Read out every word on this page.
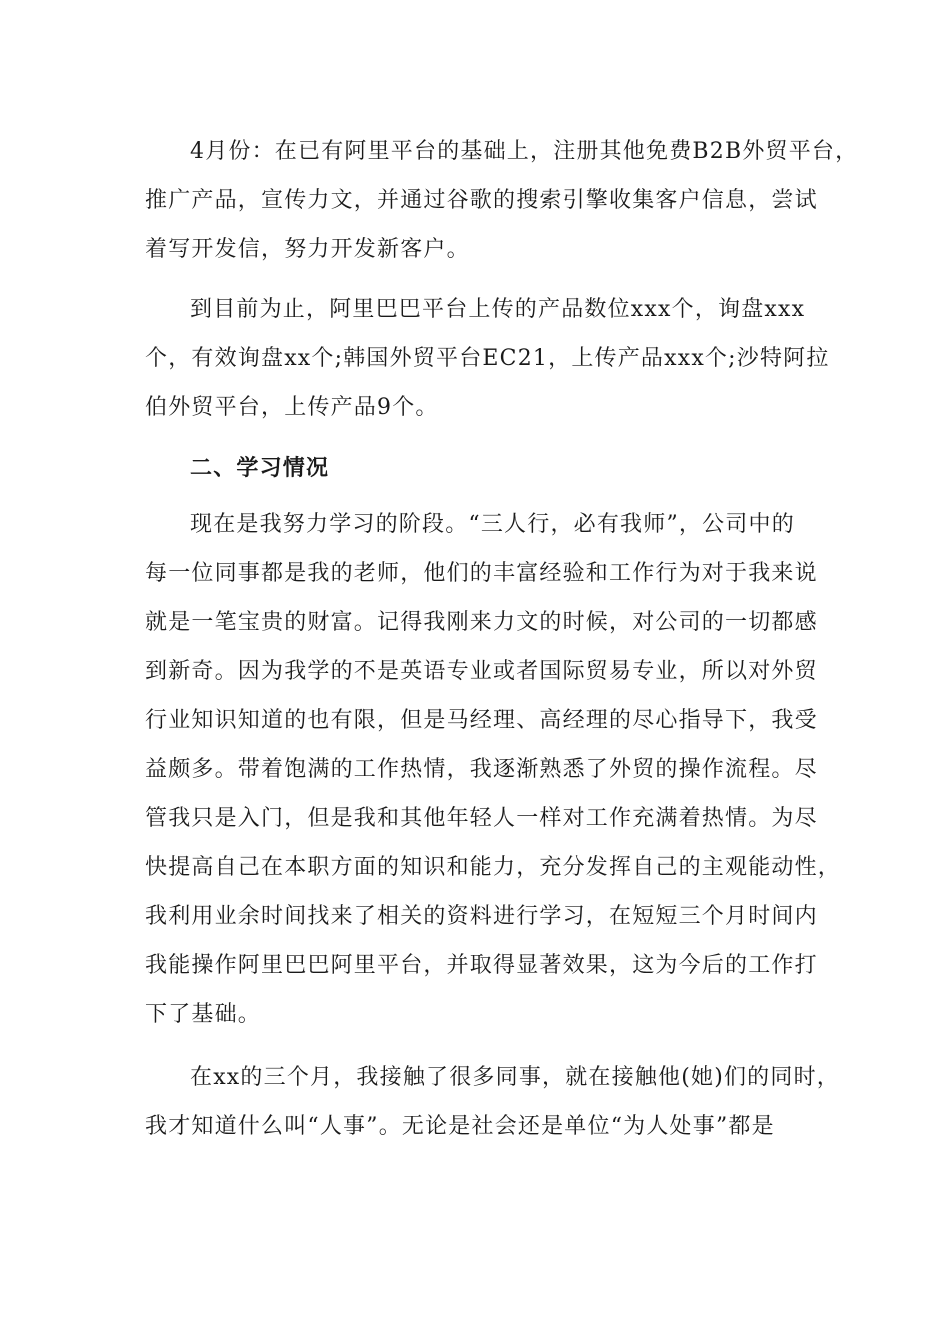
4月份：在已有阿里平台的基础上，注册其他免费B2B外贸平台，
推广产品，宣传力文，并通过谷歌的搜索引擎收集客户信息，尝试
着写开发信，努力开发新客户。
到目前为止，阿里巴巴平台上传的产品数位xxx个，询盘xxx
个，有效询盘xx个;韩国外贸平台EC21，上传产品xxx个;沙特阿拉
伯外贸平台，上传产品9个。
二、学习情况
现在是我努力学习的阶段。“三人行，必有我师”，公司中的
每一位同事都是我的老师，他们的丰富经验和工作行为对于我来说
就是一笔宝贵的财富。记得我刚来力文的时候，对公司的一切都感
到新奇。因为我学的不是英语专业或者国际贸易专业，所以对外贸
行业知识知道的也有限，但是马经理、高经理的尽心指导下，我受
益颇多。带着饱满的工作热情，我逐渐熟悉了外贸的操作流程。尽
管我只是入门，但是我和其他年轻人一样对工作充满着热情。为尽
快提高自己在本职方面的知识和能力，充分发挥自己的主观能动性，
我利用业余时间找来了相关的资料进行学习，在短短三个月时间内
我能操作阿里巴巴阿里平台，并取得显著效果，这为今后的工作打
下了基础。
在xx的三个月，我接触了很多同事，就在接触他(她)们的同时，
我才知道什么叫“人事”。无论是社会还是单位“为人处事”都是
